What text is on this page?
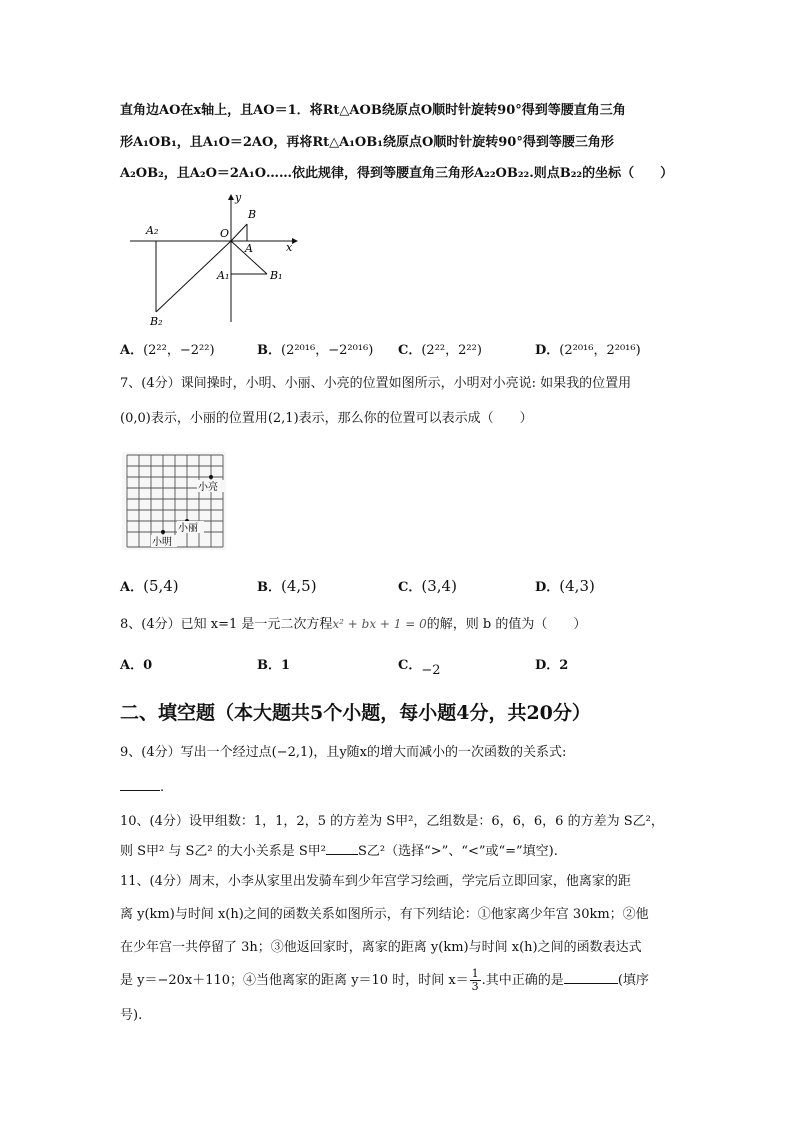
直角边AO在x轴上，且AO＝1．将Rt△AOB绕原点O顺时针旋转90°得到等腰直角三角
形A₁OB₁，且A₁O＝2AO，再将Rt△A₁OB₁绕原点O顺时针旋转90°得到等腰三角形
A₂OB₂，且A₂O＝2A₁O……依此规律，得到等腰直角三角形A₂₂OB₂₂.则点B₂₂的坐标（　　）
y
x
O
B
A
A₂
A₁	B₁
B₂
A．(2²²，−2²²)	B．(2²⁰¹⁶，−2²⁰¹⁶) C．(2²²，2²²)	D．(2²⁰¹⁶，2²⁰¹⁶)
7、(4分）课间操时，小明、小丽、小亮的位置如图所示，小明对小亮说: 如果我的位置用
(0,0)表示，小丽的位置用(2,1)表示，那么你的位置可以表示成（　　）
小亮
小丽
小明
A．(5,4)	B．(4,5)	C．(3,4)	D．(4,3)
8、(4分）已知 x=1 是一元二次方程x² + bx + 1 = 0的解，则 b 的值为（　　）
A．0	B．1	C．−2	D．2
二、填空题（本大题共5个小题，每小题4分，共20分）
9、(4分）写出一个经过点(−2,1)，且y随x的增大而减小的一次函数的关系式:
.
10、(4分）设甲组数：1，1，2，5 的方差为 S甲²，乙组数是：6，6，6，6 的方差为 S乙²，
则 S甲² 与 S乙² 的大小关系是 S甲² S乙²（选择“>”、“<”或“=”填空).
11、(4分）周末，小李从家里出发骑车到少年宫学习绘画，学完后立即回家，他离家的距
离 y(km)与时间 x(h)之间的函数关系如图所示，有下列结论：①他家离少年宫 30km；②他
在少年宫一共停留了 3h；③他返回家时，离家的距离 y(km)与时间 x(h)之间的函数表达式
是 y＝−20x＋110；④当他离家的距离 y＝10 时，时间 $x= \frac{1}{3}$ .其中正确的是	(填序
号).
